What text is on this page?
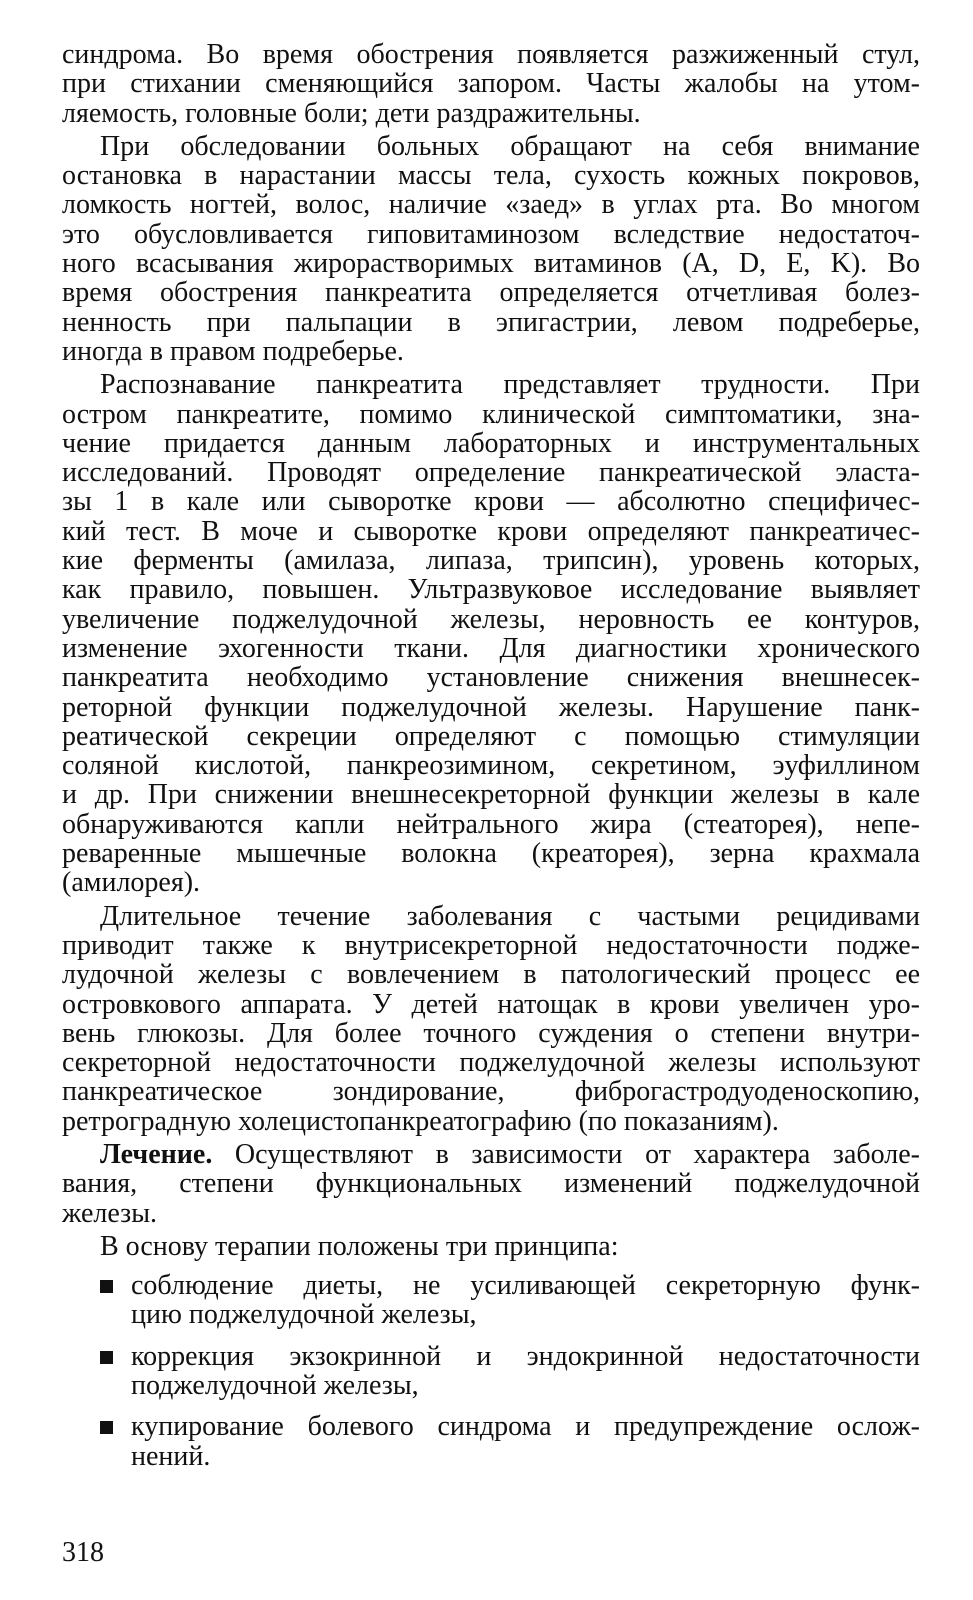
синдрома. Во время обострения появляется разжиженный стул,
при стихании сменяющийся запором. Часты жалобы на утом-
ляемость, головные боли; дети раздражительны.
При обследовании больных обращают на себя внимание
остановка в нарастании массы тела, сухость кожных покровов,
ломкость ногтей, волос, наличие «заед» в углах рта. Во многом
это обусловливается гиповитаминозом вследствие недостаточ-
ного всасывания жирорастворимых витаминов (A, D, E, K). Во
время обострения панкреатита определяется отчетливая болез-
ненность при пальпации в эпигастрии, левом подреберье,
иногда в правом подреберье.
Распознавание панкреатита представляет трудности. При
остром панкреатите, помимо клинической симптоматики, зна-
чение придается данным лабораторных и инструментальных
исследований. Проводят определение панкреатической эласта-
зы 1 в кале или сыворотке крови — абсолютно специфичес-
кий тест. В моче и сыворотке крови определяют панкреатичес-
кие ферменты (амилаза, липаза, трипсин), уровень которых,
как правило, повышен. Ультразвуковое исследование выявляет
увеличение поджелудочной железы, неровность ее контуров,
изменение эхогенности ткани. Для диагностики хронического
панкреатита необходимо установление снижения внешнесек-
реторной функции поджелудочной железы. Нарушение панк-
реатической секреции определяют с помощью стимуляции
соляной кислотой, панкреозимином, секретином, эуфиллином
и др. При снижении внешнесекреторной функции железы в кале
обнаруживаются капли нейтрального жира (стеаторея), непе-
реваренные мышечные волокна (креаторея), зерна крахмала
(амилорея).
Длительное течение заболевания с частыми рецидивами
приводит также к внутрисекреторной недостаточности подже-
лудочной железы с вовлечением в патологический процесс ее
островкового аппарата. У детей натощак в крови увеличен уро-
вень глюкозы. Для более точного суждения о степени внутри-
секреторной недостаточности поджелудочной железы используют
панкреатическое зондирование, фиброгастродуоденоскопию,
ретроградную холецистопанкреатографию (по показаниям).
Лечение. Осуществляют в зависимости от характера заболе-
вания, степени функциональных изменений поджелудочной
железы.
В основу терапии положены три принципа:
соблюдение диеты, не усиливающей секреторную функ-
цию поджелудочной железы,
коррекция экзокринной и эндокринной недостаточности
поджелудочной железы,
купирование болевого синдрома и предупреждение ослож-
нений.
318
